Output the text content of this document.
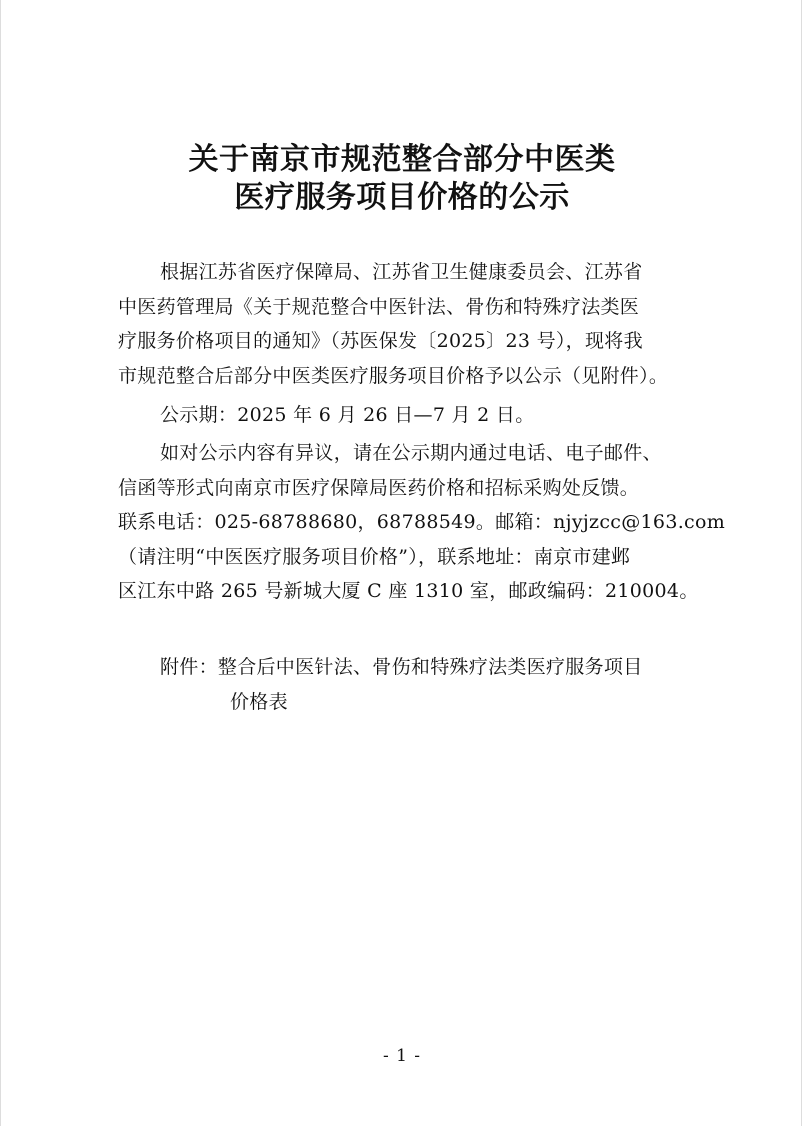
关于南京市规范整合部分中医类
医疗服务项目价格的公示
根据江苏省医疗保障局、江苏省卫生健康委员会、江苏省
中医药管理局《关于规范整合中医针法、骨伤和特殊疗法类医
疗服务价格项目的通知》（苏医保发〔2025〕23 号），现将我
市规范整合后部分中医类医疗服务项目价格予以公示（见附件）。
公示期：2025 年 6 月 26 日—7 月 2 日。
如对公示内容有异议，请在公示期内通过电话、电子邮件、
信函等形式向南京市医疗保障局医药价格和招标采购处反馈。
联系电话：025-68788680，68788549。邮箱：njyjzcc@163.com
（请注明“中医医疗服务项目价格”），联系地址：南京市建邺
区江东中路 265 号新城大厦 C 座 1310 室，邮政编码：210004。
附件：整合后中医针法、骨伤和特殊疗法类医疗服务项目
价格表
- 1 -
